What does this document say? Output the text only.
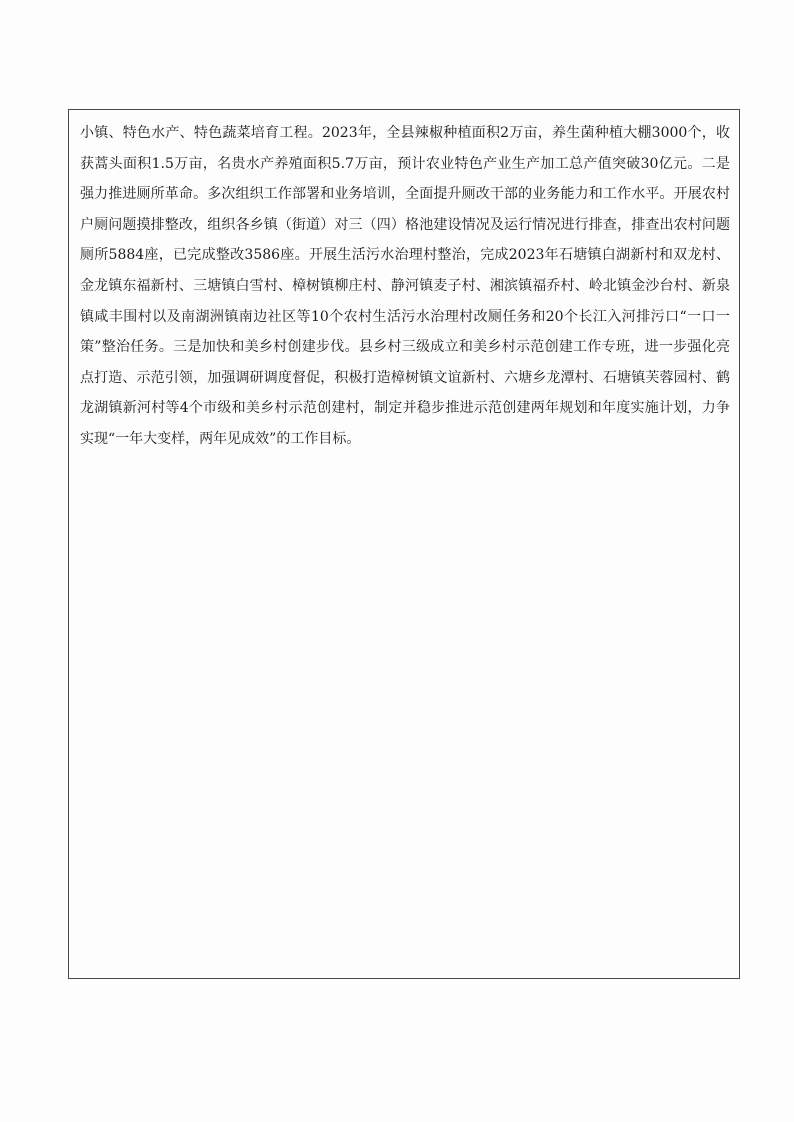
小镇、特色水产、特色蔬菜培育工程。2023年，全县辣椒种植面积2万亩，养生菌种植大棚3000个，收获蒿头面积1.5万亩，名贵水产养殖面积5.7万亩，预计农业特色产业生产加工总产值突破30亿元。二是强力推进厕所革命。多次组织工作部署和业务培训，全面提升厕改干部的业务能力和工作水平。开展农村户厕问题摸排整改，组织各乡镇（街道）对三（四）格池建设情况及运行情况进行排查，排查出农村问题厕所5884座，已完成整改3586座。开展生活污水治理村整治，完成2023年石塘镇白湖新村和双龙村、金龙镇东福新村、三塘镇白雪村、樟树镇柳庄村、静河镇麦子村、湘滨镇福乔村、岭北镇金沙台村、新泉镇咸丰围村以及南湖洲镇南边社区等10个农村生活污水治理村改厕任务和20个长江入河排污口“一口一策”整治任务。三是加快和美乡村创建步伐。县乡村三级成立和美乡村示范创建工作专班，进一步强化亮点打造、示范引领，加强调研调度督促，积极打造樟树镇文谊新村、六塘乡龙潭村、石塘镇芙蓉园村、鹤龙湖镇新河村等4个市级和美乡村示范创建村，制定并稳步推进示范创建两年规划和年度实施计划，力争实现“一年大变样，两年见成效”的工作目标。
